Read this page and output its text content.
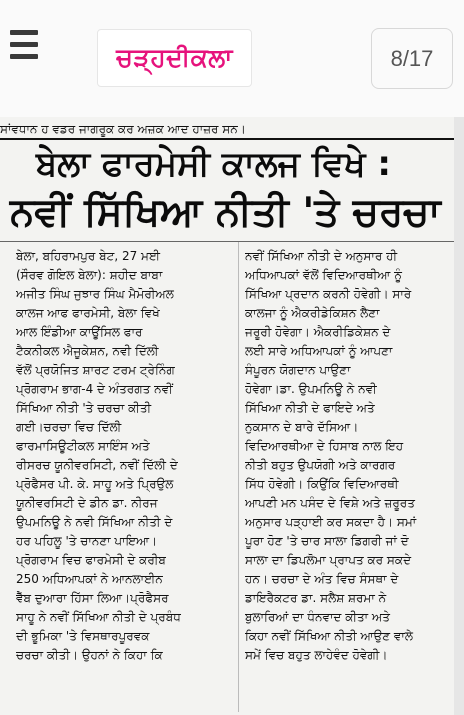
ਚੜ੍ਹਦੀਕਲਾ	8/17
ਸਾਂਵਧਾਨ ਹ ਵਡਰ ਜਾਗਰੂਕ ਕਰ ਅਜ਼ਕ ਆਦ ਹਾਜ਼ਰ ਸਨ।
ਬੇਲਾ ਫਾਰਮੇਸੀ ਕਾਲਜ ਵਿਖੇ :
ਨਵੀਂ ਸਿੱਖਿਆ ਨੀਤੀ 'ਤੇ ਚਰਚਾ
ਬੇਲਾ, ਬਹਿਰਾਮਪੁਰ ਬੇਟ, 27 ਮਈ
(ਸੌਰਵ ਗੋਇਲ ਬੇਲਾ): ਸ਼ਹੀਦ ਬਾਬਾ
ਅਜੀਤ ਸਿੰਘ ਜੁਝਾਰ ਸਿੰਘ ਮੈਮੋਰੀਅਲ
ਕਾਲਜ ਆਫ ਫਾਰਮੇਸੀ, ਬੇਲਾ ਵਿਖੇ
ਆਲ ਇੰਡੀਆ ਕਾਊਂਸਿਲ ਫਾਰ
ਟੈਕਨੀਕਲ ਐਜੂਕੇਸ਼ਨ, ਨਵੀ ਦਿੱਲੀ
ਵੱਲੋਂ ਪ੍ਰਯੋਜਿਤ ਸ਼ਾਰਟ ਟਰਮ ਟ੍ਰੇਨਿੰਗ
ਪ੍ਰੋਗਰਾਮ ਭਾਗ-4 ਦੇ ਅੰਤਰਗਤ ਨਵੀਂ
ਸਿੱਖਿਆ ਨੀਤੀ 'ਤੇ ਚਰਚਾ ਕੀਤੀ
ਗਈ।ਚਰਚਾ ਵਿਚ ਦਿੱਲੀ
ਫਾਰਮਾਸਿਊਟੀਕਲ ਸਾਇੰਸ ਅਤੇ
ਰੀਸਰਚ ਯੂਨੀਵਰਸਿਟੀ, ਨਵੀਂ ਦਿੱਲੀ ਦੇ
ਪ੍ਰੋਫੈਸਰ ਪੀ. ਕੇ. ਸਾਹੂ ਅਤੇ ਪ੍ਰਿਉਲ
ਯੂਨੀਵਰਸਿਟੀ ਦੇ ਡੀਨ ਡਾ. ਨੀਰਜ
ਉਪਮਨਿਊ ਨੇ ਨਵੀ ਸਿੱਖਿਆ ਨੀਤੀ ਦੇ
ਹਰ ਪਹਿਲੂ 'ਤੇ ਚਾਨਣਾ ਪਾਇਆ।
ਪ੍ਰੋਗਰਾਮ ਵਿਚ ਫਾਰਮੇਸੀ ਦੇ ਕਰੀਬ
250 ਅਧਿਆਪਕਾਂ ਨੇ ਆਨਲਾਈਨ
ਵੈੱਬ ਦੁਆਰਾ ਹਿੱਸਾ ਲਿਆ।ਪ੍ਰੋਫੈਸਰ
ਸਾਹੂ ਨੇ ਨਵੀਂ ਸਿੱਖਿਆ ਨੀਤੀ ਦੇ ਪ੍ਰਬੰਧ
ਦੀ ਭੂਮਿਕਾ 'ਤੇ ਵਿਸਥਾਰਪੂਰਵਕ
ਚਰਚਾ ਕੀਤੀ। ਉਹਨਾਂ ਨੇ ਕਿਹਾ ਕਿ
ਨਵੀਂ ਸਿੱਖਿਆ ਨੀਤੀ ਦੇ ਅਨੁਸਾਰ ਹੀ
ਅਧਿਆਪਕਾਂ ਵੱਲੋਂ ਵਿਦਿਆਰਥੀਆ ਨੂੰ
ਸਿੱਖਿਆ ਪ੍ਰਦਾਨ ਕਰਨੀ ਹੋਵੇਗੀ। ਸਾਰੇ
ਕਾਲਜਾ ਨੂੰ ਐਕਰੀਡੇਕਿਸ਼ਨ ਲੈਣਾ
ਜਰੂਰੀ ਹੋਵੇਗਾ। ਐਕਰੀਡਿਕੇਸ਼ਨ ਦੇ
ਲਈ ਸਾਰੇ ਅਧਿਆਪਕਾਂ ਨੂੰ ਆਪਣਾ
ਸੰਪੂਰਨ ਯੋਗਦਾਨ ਪਾਉਣਾ
ਹੋਵੇਗਾ।ਡਾ. ਉਪਮਨਿਊ ਨੇ ਨਵੀ
ਸਿੱਖਿਆ ਨੀਤੀ ਦੇ ਫਾਇਦੇ ਅਤੇ
ਨੁਕਸਾਨ ਦੇ ਬਾਰੇ ਦੱਸਿਆ।
ਵਿਦਿਆਰਥੀਆ ਦੇ ਹਿਸਾਬ ਨਾਲ ਇਹ
ਨੀਤੀ ਬਹੁਤ ਉਪਯੋਗੀ ਅਤੇ ਕਾਰਗਰ
ਸਿੱਧ ਹੋਵੇਗੀ। ਕਿਉਂਕਿ ਵਿਦਿਆਰਥੀ
ਆਪਣੀ ਮਨ ਪਸੰਦ ਦੇ ਵਿਸ਼ੇ ਅਤੇ ਜ਼ਰੂਰਤ
ਅਨੁਸਾਰ ਪੜ੍ਹਾਈ ਕਰ ਸਕਦਾ ਹੈ। ਸਮਾਂ
ਪੂਰਾ ਹੋਣ 'ਤੇ ਚਾਰ ਸਾਲਾ ਡਿਗਰੀ ਜਾਂ ਦੋ
ਸਾਲਾ ਦਾ ਡਿਪਲੋਮਾ ਪ੍ਰਾਪਤ ਕਰ ਸਕਦੇ
ਹਨ। ਚਰਚਾ ਦੇ ਅੰਤ ਵਿਚ ਸੰਸਥਾ ਦੇ
ਡਾਇਰੈਕਟਰ ਡਾ. ਸਲੈਸ਼ ਸ਼ਰਮਾ ਨੇ
ਬੁਲਾਰਿਆਂ ਦਾ ਧੰਨਵਾਦ ਕੀਤਾ ਅਤੇ
ਕਿਹਾ ਨਵੀਂ ਸਿੱਖਿਆ ਨੀਤੀ ਆਉਣ ਵਾਲੇ
ਸਮੇਂ ਵਿਚ ਬਹੁਤ ਲਾਹੇਵੰਦ ਹੋਵੇਗੀ।
